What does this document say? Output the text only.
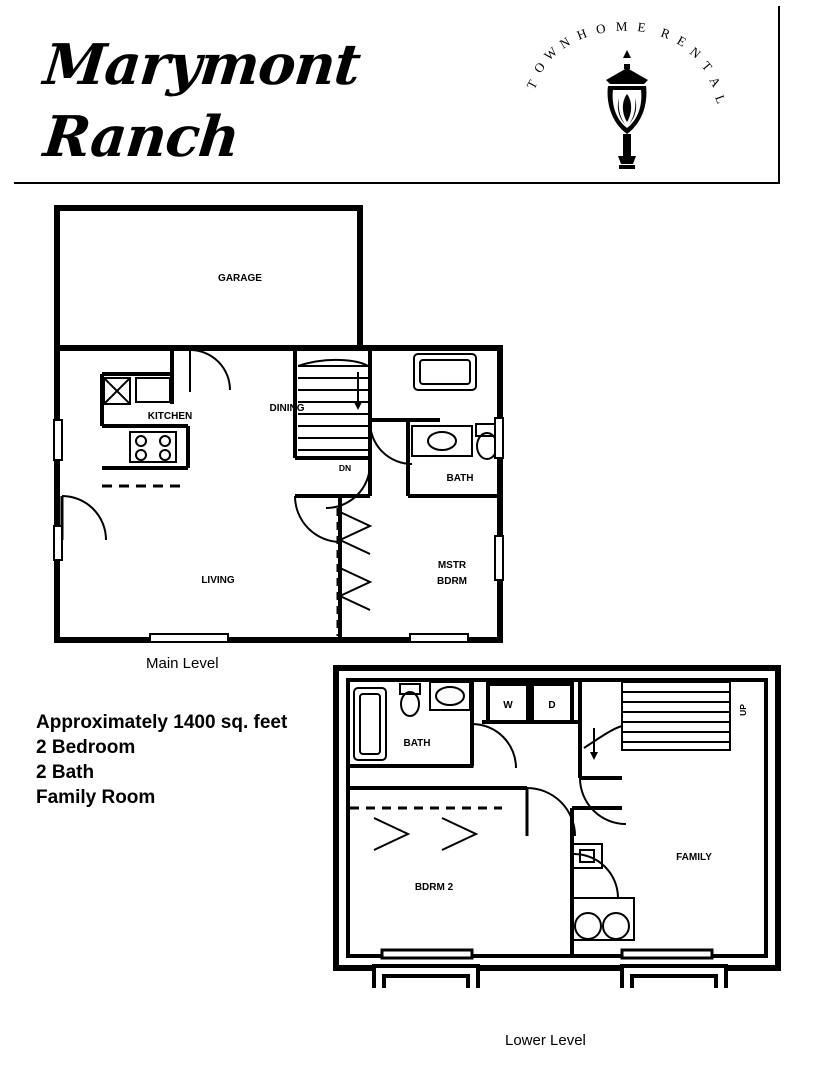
Marymont
Ranch
T
O
W
N H O M E R E
N
T
A
L
GARAGE
KITCHEN
DINING
DN
BATH
LIVING
MSTR
BDRM
Main Level
BATH
W	D	UP
BDRM 2
FAMILY
Lower Level
Approximately 1400 sq. feet
2 Bedroom
2 Bath
Family Room
